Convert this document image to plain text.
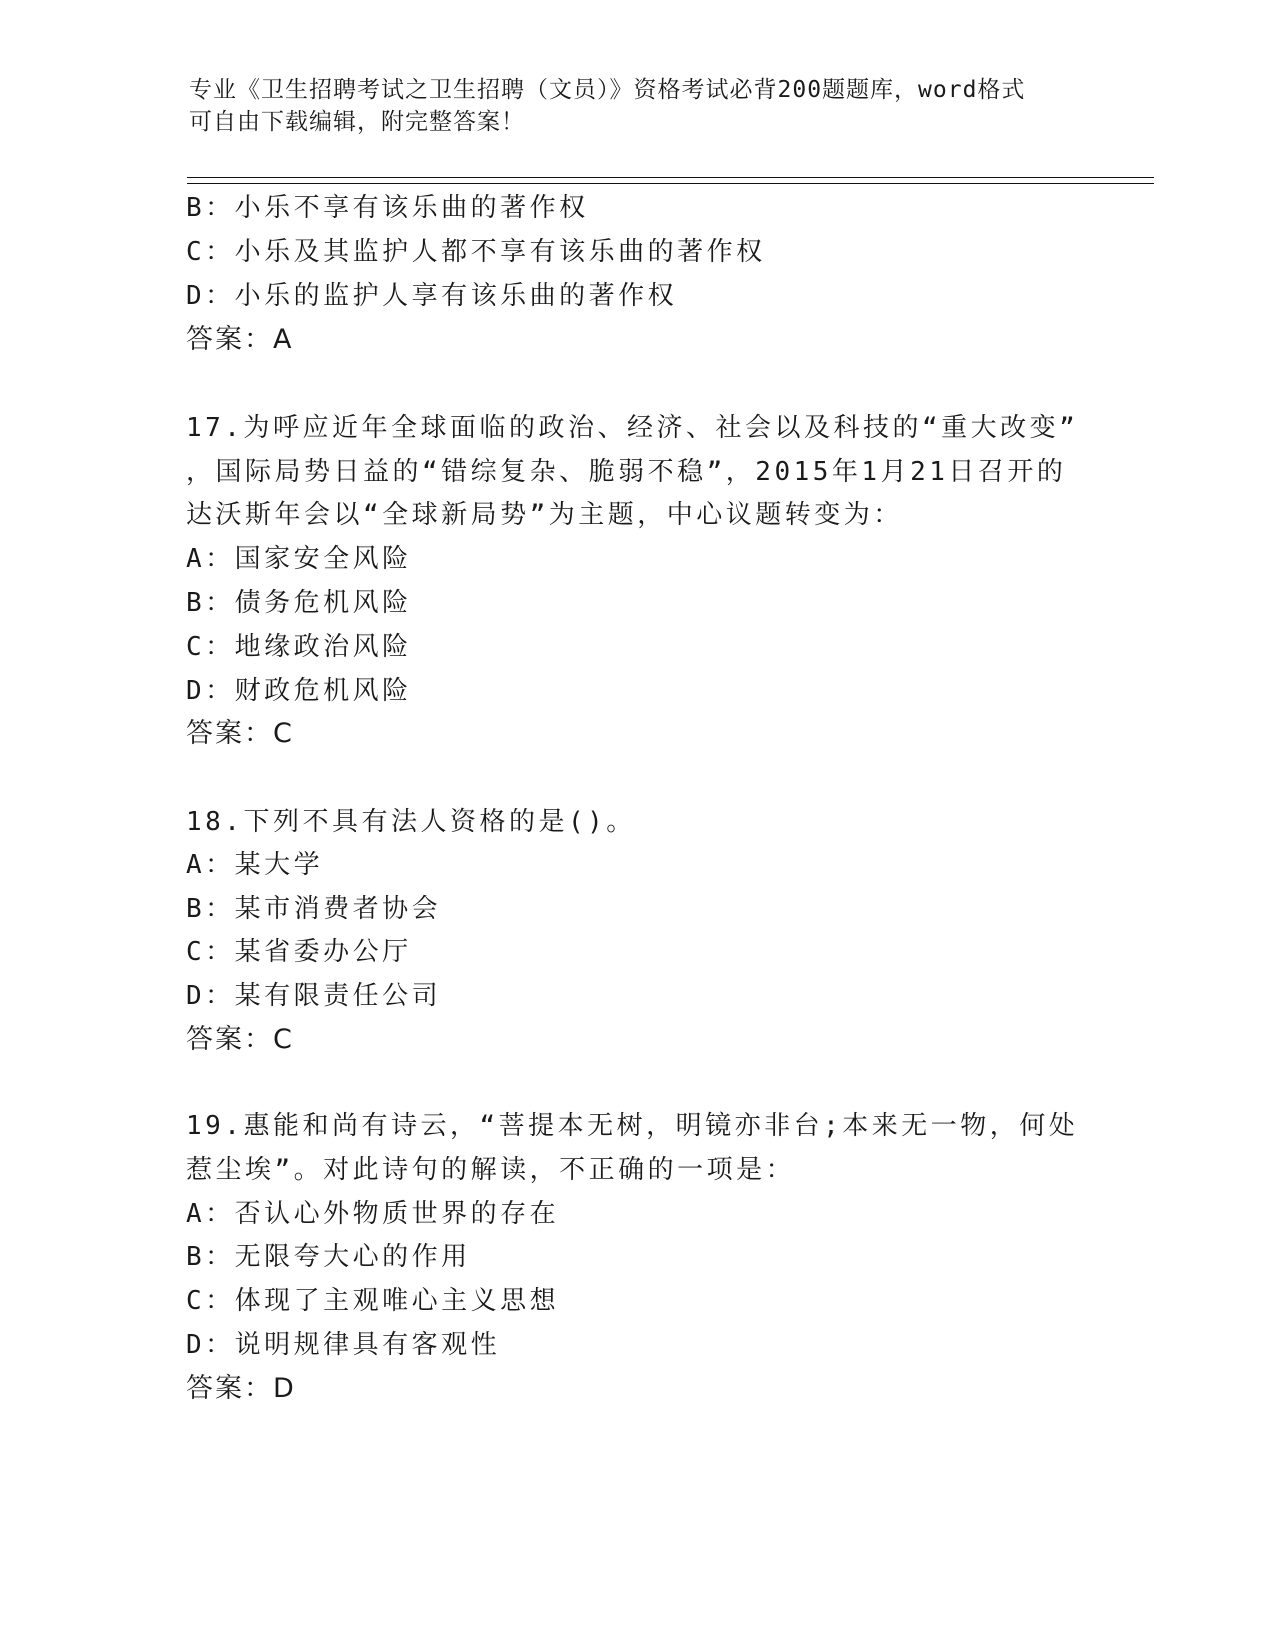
专业《卫生招聘考试之卫生招聘（文员）》资格考试必背200题题库，word格式
可自由下载编辑，附完整答案！
B：小乐不享有该乐曲的著作权
C：小乐及其监护人都不享有该乐曲的著作权
D：小乐的监护人享有该乐曲的著作权
答案：A
17.为呼应近年全球面临的政治、经济、社会以及科技的“重大改变”
，国际局势日益的“错综复杂、脆弱不稳”，2015年1月21日召开的
达沃斯年会以“全球新局势”为主题，中心议题转变为：
A：国家安全风险
B：债务危机风险
C：地缘政治风险
D：财政危机风险
答案：C
18.下列不具有法人资格的是()。
A：某大学
B：某市消费者协会
C：某省委办公厅
D：某有限责任公司
答案：C
19.惠能和尚有诗云，“菩提本无树，明镜亦非台;本来无一物，何处
惹尘埃”。对此诗句的解读，不正确的一项是：
A：否认心外物质世界的存在
B：无限夸大心的作用
C：体现了主观唯心主义思想
D：说明规律具有客观性
答案：D
